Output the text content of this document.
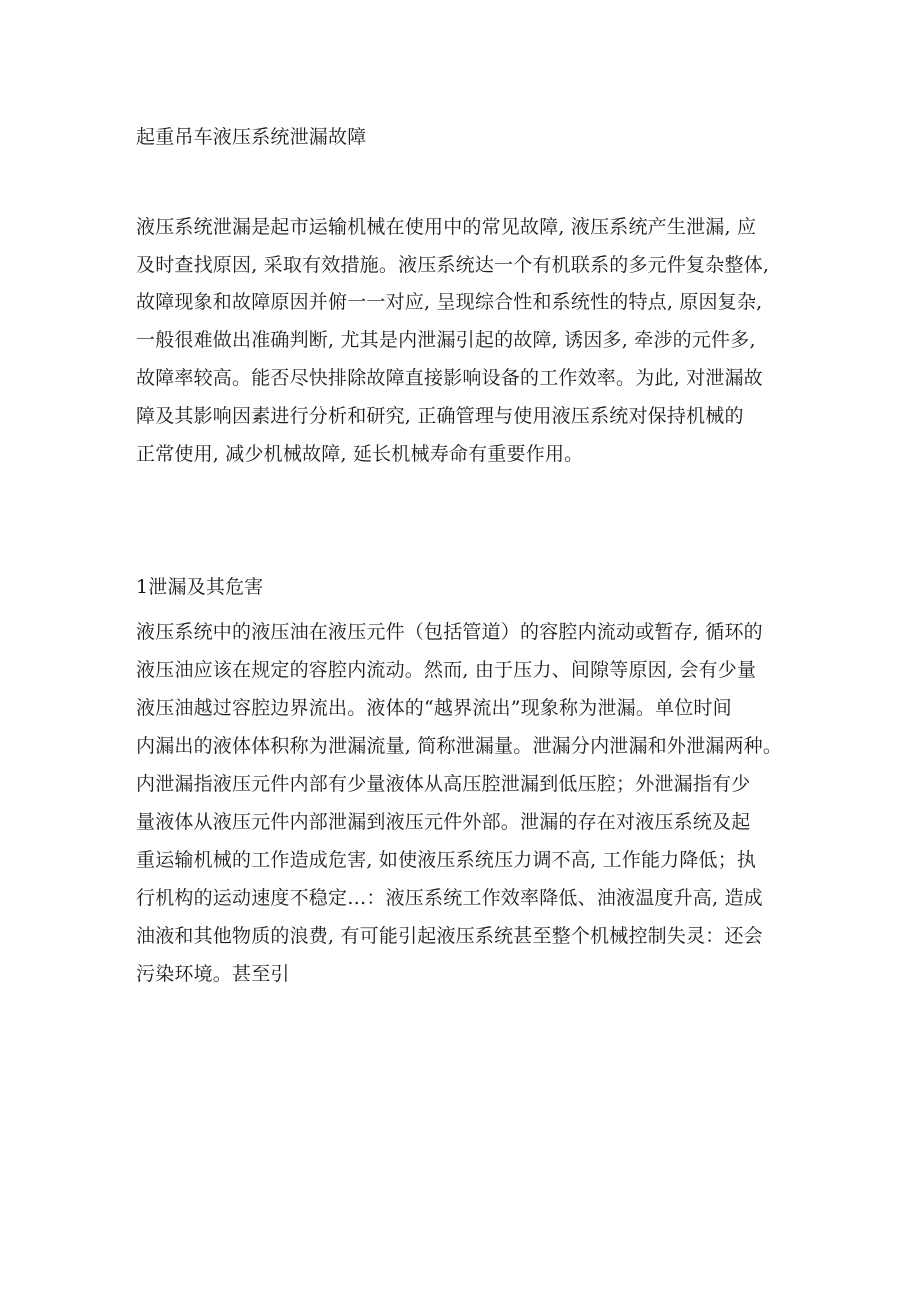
起重吊车液压系统泄漏故障
液压系统泄漏是起市运输机械在使用中的常见故障, 液压系统产生泄漏, 应
及时查找原因, 采取有效措施。液压系统达一个有机联系的多元件复杂整体,
故障现象和故障原因并俯一一对应, 呈现综合性和系统性的特点, 原因复杂,
一般很难做出准确判断, 尤其是内泄漏引起的故障, 诱因多, 牵涉的元件多,
故障率较高。能否尽快排除故障直接影响设备的工作效率。为此, 对泄漏故
障及其影响因素进行分析和研究, 正确管理与使用液压系统对保持机械的
正常使用, 减少机械故障, 延长机械寿命有重要作用。
1泄漏及其危害
液压系统中的液压油在液压元件（包括管道）的容腔内流动或暂存, 循环的
液压油应该在规定的容腔内流动。然而, 由于压力、间隙等原因, 会有少量
液压油越过容腔边界流出。液体的“越界流出”现象称为泄漏。单位时间
内漏出的液体体积称为泄漏流量, 简称泄漏量。泄漏分内泄漏和外泄漏两种。
内泄漏指液压元件内部有少量液体从高压腔泄漏到低压腔；外泄漏指有少
量液体从液压元件内部泄漏到液压元件外部。泄漏的存在对液压系统及起
重运输机械的工作造成危害, 如使液压系统压力调不高, 工作能力降低；执
行机构的运动速度不稳定…：液压系统工作效率降低、油液温度升高, 造成
油液和其他物质的浪费, 有可能引起液压系统甚至整个机械控制失灵：还会
污染环境。甚至引
